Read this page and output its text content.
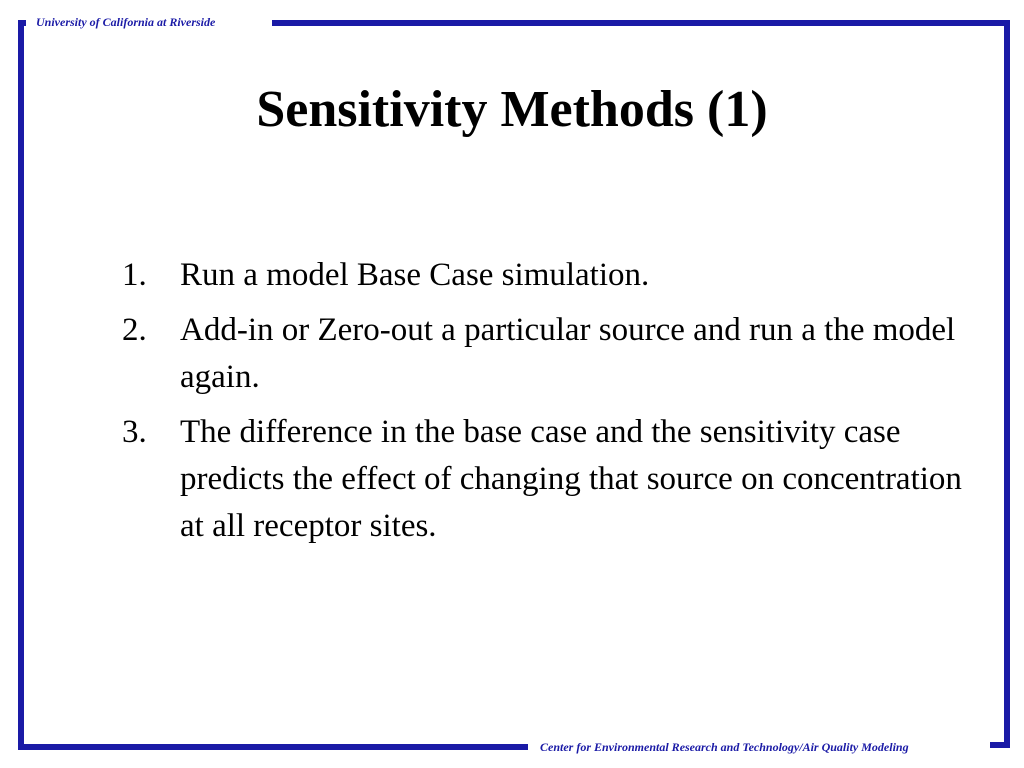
University of California at Riverside
Sensitivity Methods (1)
1.	Run a model Base Case simulation.
2.	Add-in or Zero-out a particular source and run a the model again.
3.	The difference in the base case and the sensitivity case predicts the effect of changing that source on concentration at all receptor sites.
Center for Environmental Research and Technology/Air Quality Modeling
